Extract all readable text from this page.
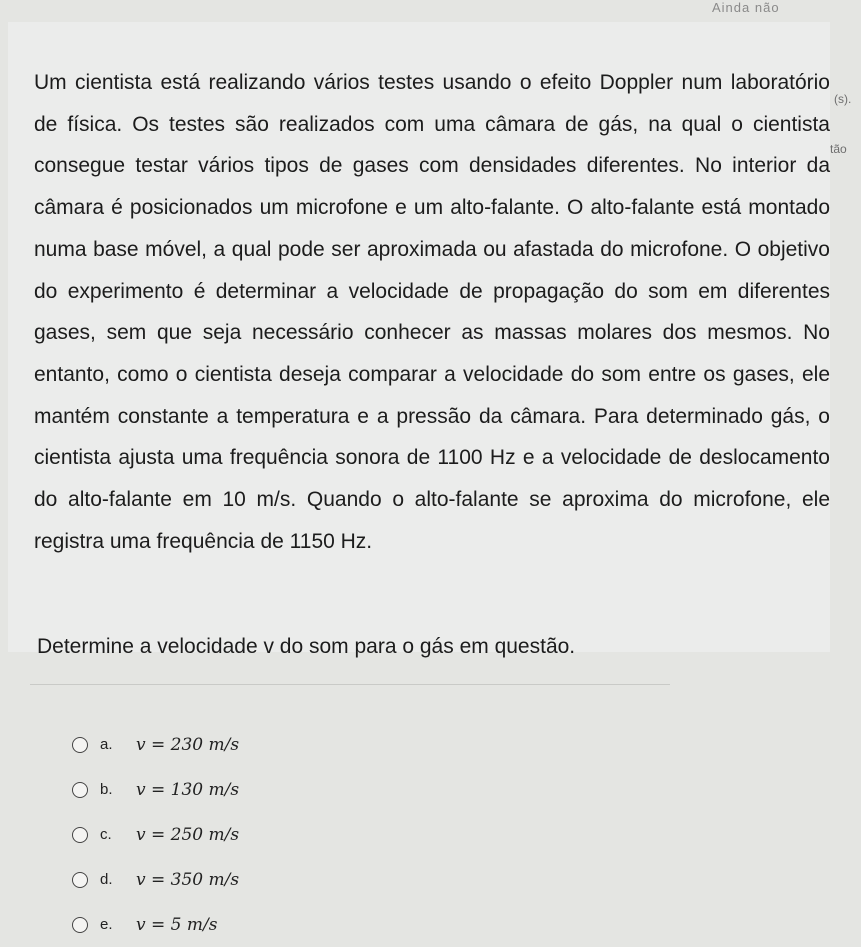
Ainda não
(s).
tão

Um cientista está realizando vários testes usando o efeito Doppler num laboratório de física. Os testes são realizados com uma câmara de gás, na qual o cientista consegue testar vários tipos de gases com densidades diferentes. No interior da câmara é posicionados um microfone e um alto-falante. O alto-falante está montado numa base móvel, a qual pode ser aproximada ou afastada do microfone. O objetivo do experimento é determinar a velocidade de propagação do som em diferentes gases, sem que seja necessário conhecer as massas molares dos mesmos. No entanto, como o cientista deseja comparar a velocidade do som entre os gases, ele mantém constante a temperatura e a pressão da câmara. Para determinado gás, o cientista ajusta uma frequência sonora de 1100 Hz e a velocidade de deslocamento do alto-falante em 10 m/s. Quando o alto-falante se aproxima do microfone, ele registra uma frequência de 1150 Hz.

Determine a velocidade v do som para o gás em questão.

a.	v = 230 m/s
b.	v = 130 m/s
c.	v = 250 m/s
d.	v = 350 m/s
e.	v = 5 m/s
